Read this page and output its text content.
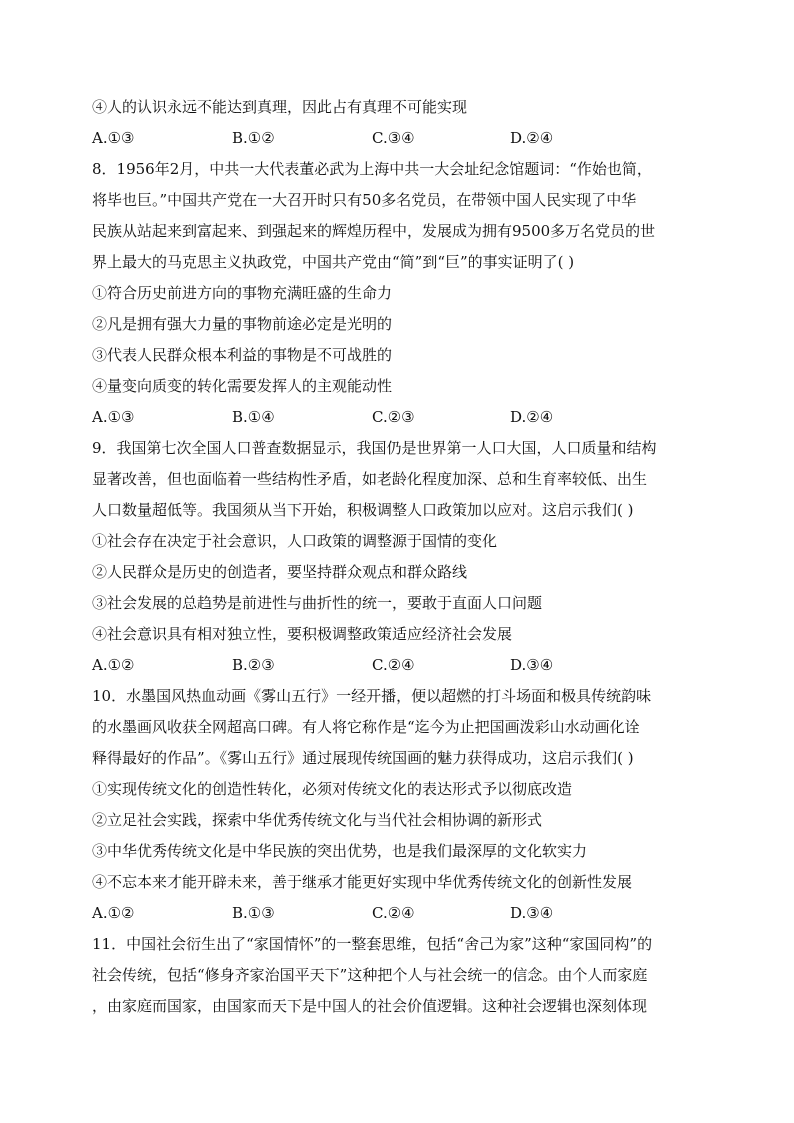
④人的认识永远不能达到真理，因此占有真理不可能实现
A.①③	B.①②	C.③④	D.②④
8．1956年2月，中共一大代表董必武为上海中共一大会址纪念馆题词：“作始也简，
将毕也巨。”中国共产党在一大召开时只有50多名党员，在带领中国人民实现了中华
民族从站起来到富起来、到强起来的辉煌历程中，发展成为拥有9500多万名党员的世
界上最大的马克思主义执政党，中国共产党由“简”到“巨”的事实证明了( )
①符合历史前进方向的事物充满旺盛的生命力
②凡是拥有强大力量的事物前途必定是光明的
③代表人民群众根本利益的事物是不可战胜的
④量变向质变的转化需要发挥人的主观能动性
A.①③	B.①④	C.②③	D.②④
9．我国第七次全国人口普查数据显示，我国仍是世界第一人口大国，人口质量和结构
显著改善，但也面临着一些结构性矛盾，如老龄化程度加深、总和生育率较低、出生
人口数量超低等。我国须从当下开始，积极调整人口政策加以应对。这启示我们( )
①社会存在决定于社会意识，人口政策的调整源于国情的变化
②人民群众是历史的创造者，要坚持群众观点和群众路线
③社会发展的总趋势是前进性与曲折性的统一，要敢于直面人口问题
④社会意识具有相对独立性，要积极调整政策适应经济社会发展
A.①②	B.②③	C.②④	D.③④
10．水墨国风热血动画《雾山五行》一经开播，便以超燃的打斗场面和极具传统韵味
的水墨画风收获全网超高口碑。有人将它称作是“迄今为止把国画泼彩山水动画化诠
释得最好的作品”。《雾山五行》通过展现传统国画的魅力获得成功，这启示我们( )
①实现传统文化的创造性转化，必须对传统文化的表达形式予以彻底改造
②立足社会实践，探索中华优秀传统文化与当代社会相协调的新形式
③中华优秀传统文化是中华民族的突出优势，也是我们最深厚的文化软实力
④不忘本来才能开辟未来，善于继承才能更好实现中华优秀传统文化的创新性发展
A.①②	B.①③	C.②④	D.③④
11．中国社会衍生出了“家国情怀”的一整套思维，包括“舍己为家”这种“家国同构”的
社会传统，包括“修身齐家治国平天下”这种把个人与社会统一的信念。由个人而家庭
，由家庭而国家，由国家而天下是中国人的社会价值逻辑。这种社会逻辑也深刻体现
